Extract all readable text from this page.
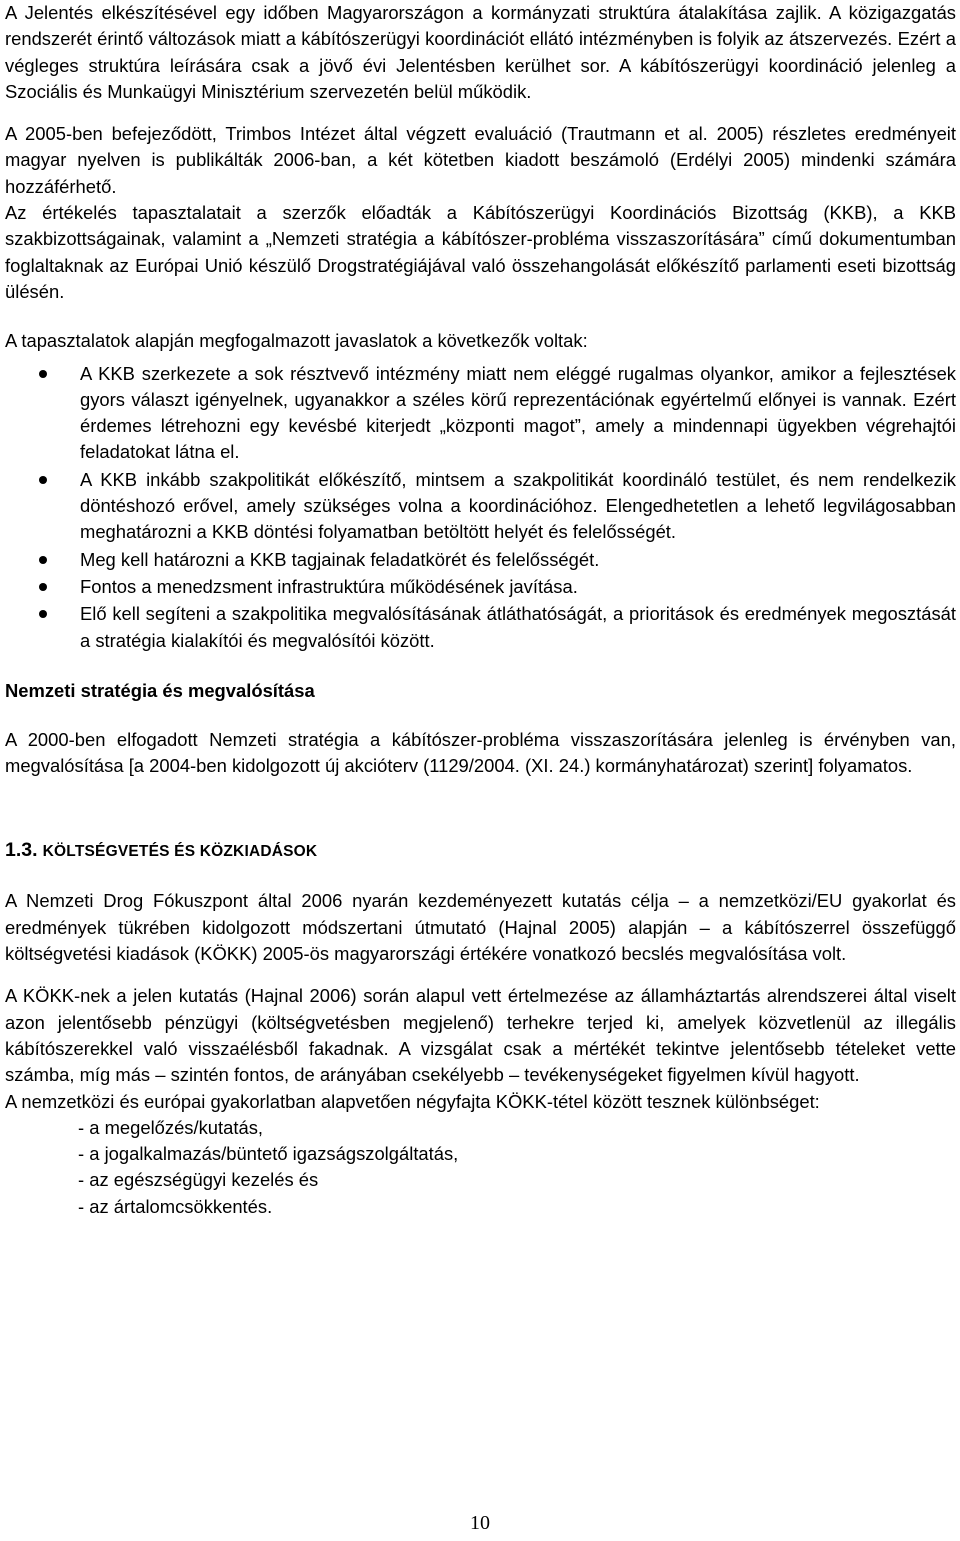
A Jelentés elkészítésével egy időben Magyarországon a kormányzati struktúra átalakítása zajlik. A közigazgatás rendszerét érintő változások miatt a kábítószerügyi koordinációt ellátó intézményben is folyik az átszervezés. Ezért a végleges struktúra leírására csak a jövő évi Jelentésben kerülhet sor. A kábítószerügyi koordináció jelenleg a Szociális és Munkaügyi Minisztérium szervezetén belül működik.

A 2005-ben befejeződött, Trimbos Intézet által végzett evaluáció (Trautmann et al. 2005) részletes eredményeit magyar nyelven is publikálták 2006-ban, a két kötetben kiadott beszámoló (Erdélyi 2005) mindenki számára hozzáférhető.

Az értékelés tapasztalatait a szerzők előadták a Kábítószerügyi Koordinációs Bizottság (KKB), a KKB szakbizottságainak, valamint a „Nemzeti stratégia a kábítószer-probléma visszaszorítására” című dokumentumban foglaltaknak az Európai Unió készülő Drogstratégiájával való összehangolását előkészítő parlamenti eseti bizottság ülésén.

A tapasztalatok alapján megfogalmazott javaslatok a következők voltak:

A KKB szerkezete a sok résztvevő intézmény miatt nem eléggé rugalmas olyankor, amikor a fejlesztések gyors választ igényelnek, ugyanakkor a széles körű reprezentációnak egyértelmű előnyei is vannak. Ezért érdemes létrehozni egy kevésbé kiterjedt „központi magot”, amely a mindennapi ügyekben végrehajtói feladatokat látna el.
A KKB inkább szakpolitikát előkészítő, mintsem a szakpolitikát koordináló testület, és nem rendelkezik döntéshozó erővel, amely szükséges volna a koordinációhoz. Elengedhetetlen a lehető legvilágosabban meghatározni a KKB döntési folyamatban betöltött helyét és felelősségét.
Meg kell határozni a KKB tagjainak feladatkörét és felelősségét.
Fontos a menedzsment infrastruktúra működésének javítása.
Elő kell segíteni a szakpolitika megvalósításának átláthatóságát, a prioritások és eredmények megosztását a stratégia kialakítói és megvalósítói között.
Nemzeti stratégia és megvalósítása

A 2000-ben elfogadott Nemzeti stratégia a kábítószer-probléma visszaszorítására jelenleg is érvényben van, megvalósítása [a 2004-ben kidolgozott új akcióterv (1129/2004. (XI. 24.) kormányhatározat) szerint] folyamatos.

1.3. KÖLTSÉGVETÉS ÉS KÖZKIADÁSOK

A Nemzeti Drog Fókuszpont által 2006 nyarán kezdeményezett kutatás célja – a nemzetközi/EU gyakorlat és eredmények tükrében kidolgozott módszertani útmutató (Hajnal 2005) alapján – a kábítószerrel összefüggő költségvetési kiadások (KÖKK) 2005-ös magyarországi értékére vonatkozó becslés megvalósítása volt.

A KÖKK-nek a jelen kutatás (Hajnal 2006) során alapul vett értelmezése az államháztartás alrendszerei által viselt azon jelentősebb pénzügyi (költségvetésben megjelenő) terhekre terjed ki, amelyek közvetlenül az illegális kábítószerekkel való visszaélésből fakadnak. A vizsgálat csak a mértékét tekintve jelentősebb tételeket vette számba, míg más – szintén fontos, de arányában csekélyebb – tevékenységeket figyelmen kívül hagyott.

A nemzetközi és európai gyakorlatban alapvetően négyfajta KÖKK-tétel között tesznek különbséget:

- a megelőzés/kutatás,
- a jogalkalmazás/büntető igazságszolgáltatás,
- az egészségügyi kezelés és
- az ártalomcsökkentés.
10
